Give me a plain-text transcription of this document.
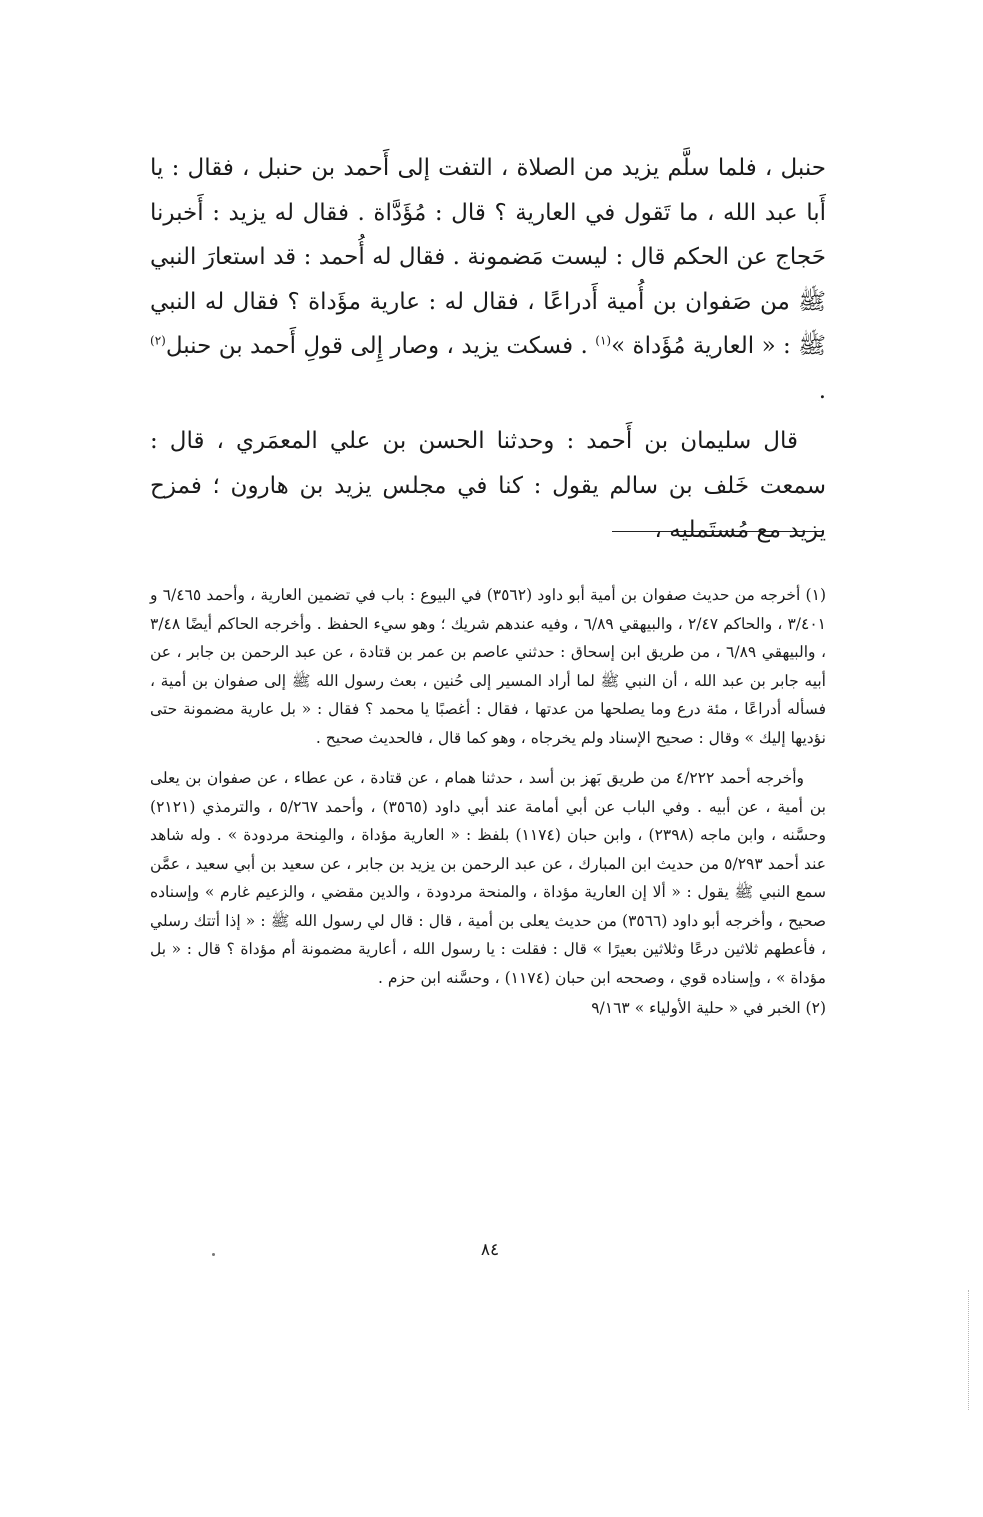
حنبل ، فلما سلَّم يزيد من الصلاة ، التفت إلى أَحمد بن حنبل ، فقال : يا أَبا عبد الله ، ما تَقول في العارية ؟ قال : مُؤَدَّاة . فقال له يزيد : أَخبرنا حَجاج عن الحكم قال : ليست مَضمونة . فقال له أُحمد : قد استعارَ النبي ﷺ من صَفوان بن أُمية أَدراعًا ، فقال له : عارية مؤَداة ؟ فقال له النبي ﷺ : « العارية مُؤَداة »$^{(١)}$ . فسكت يزيد ، وصار إِلى قولِ أَحمد بن حنبل$^{(٢)}$ .

قال سليمان بن أَحمد : وحدثنا الحسن بن علي المعمَري ، قال : سمعت خَلف بن سالم يقول : كنا في مجلس يزيد بن هارون ؛ فمزح يزيد مع مُستَمليه ،

(١) أخرجه من حديث صفوان بن أمية أبو داود (٣٥٦٢) في البيوع : باب في تضمين العارية ، وأحمد ٦/٤٦٥ و ٣/٤٠١ ، والحاكم ٢/٤٧ ، والبيهقي ٦/٨٩ ، وفيه عندهم شريك ؛ وهو سيء الحفظ . وأخرجه الحاكم أيضًا ٣/٤٨ ، والبيهقي ٦/٨٩ ، من طريق ابن إسحاق : حدثني عاصم بن عمر بن قتادة ، عن عبد الرحمن بن جابر ، عن أبيه جابر بن عبد الله ، أن النبي ﷺ لما أراد المسير إلى حُنين ، بعث رسول الله ﷺ إلى صفوان بن أمية ، فسأله أدراعًا ، مئة درع وما يصلحها من عدتها ، فقال : أغصبًا يا محمد ؟ فقال : « بل عارية مضمونة حتى نؤديها إليك » وقال : صحيح الإسناد ولم يخرجاه ، وهو كما قال ، فالحديث صحيح .

وأخرجه أحمد ٤/٢٢٢ من طريق بَهز بن أسد ، حدثنا همام ، عن قتادة ، عن عطاء ، عن صفوان بن يعلى بن أمية ، عن أبيه . وفي الباب عن أبي أمامة عند أبي داود (٣٥٦٥) ، وأحمد ٥/٢٦٧ ، والترمذي (٢١٢١) وحسَّنه ، وابن ماجه (٢٣٩٨) ، وابن حبان (١١٧٤) بلفظ : « العارية مؤداة ، والمِنحة مردودة » . وله شاهد عند أحمد ٥/٢٩٣ من حديث ابن المبارك ، عن عبد الرحمن بن يزيد بن جابر ، عن سعيد بن أبي سعيد ، عمَّن سمع النبي ﷺ يقول : « ألا إن العارية مؤداة ، والمنحة مردودة ، والدين مقضي ، والزعيم غارم » وإسناده صحيح ، وأخرجه أبو داود (٣٥٦٦) من حديث يعلى بن أمية ، قال : قال لي رسول الله ﷺ : « إذا أتتك رسلي ، فأعطهم ثلاثين درعًا وثلاثين بعيرًا » قال : فقلت : يا رسول الله ، أعارية مضمونة أم مؤداة ؟ قال : « بل مؤداة » ، وإسناده قوي ، وصححه ابن حبان (١١٧٤) ، وحسَّنه ابن حزم .

(٢) الخبر في « حلية الأولياء » ٩/١٦٣

٨٤
